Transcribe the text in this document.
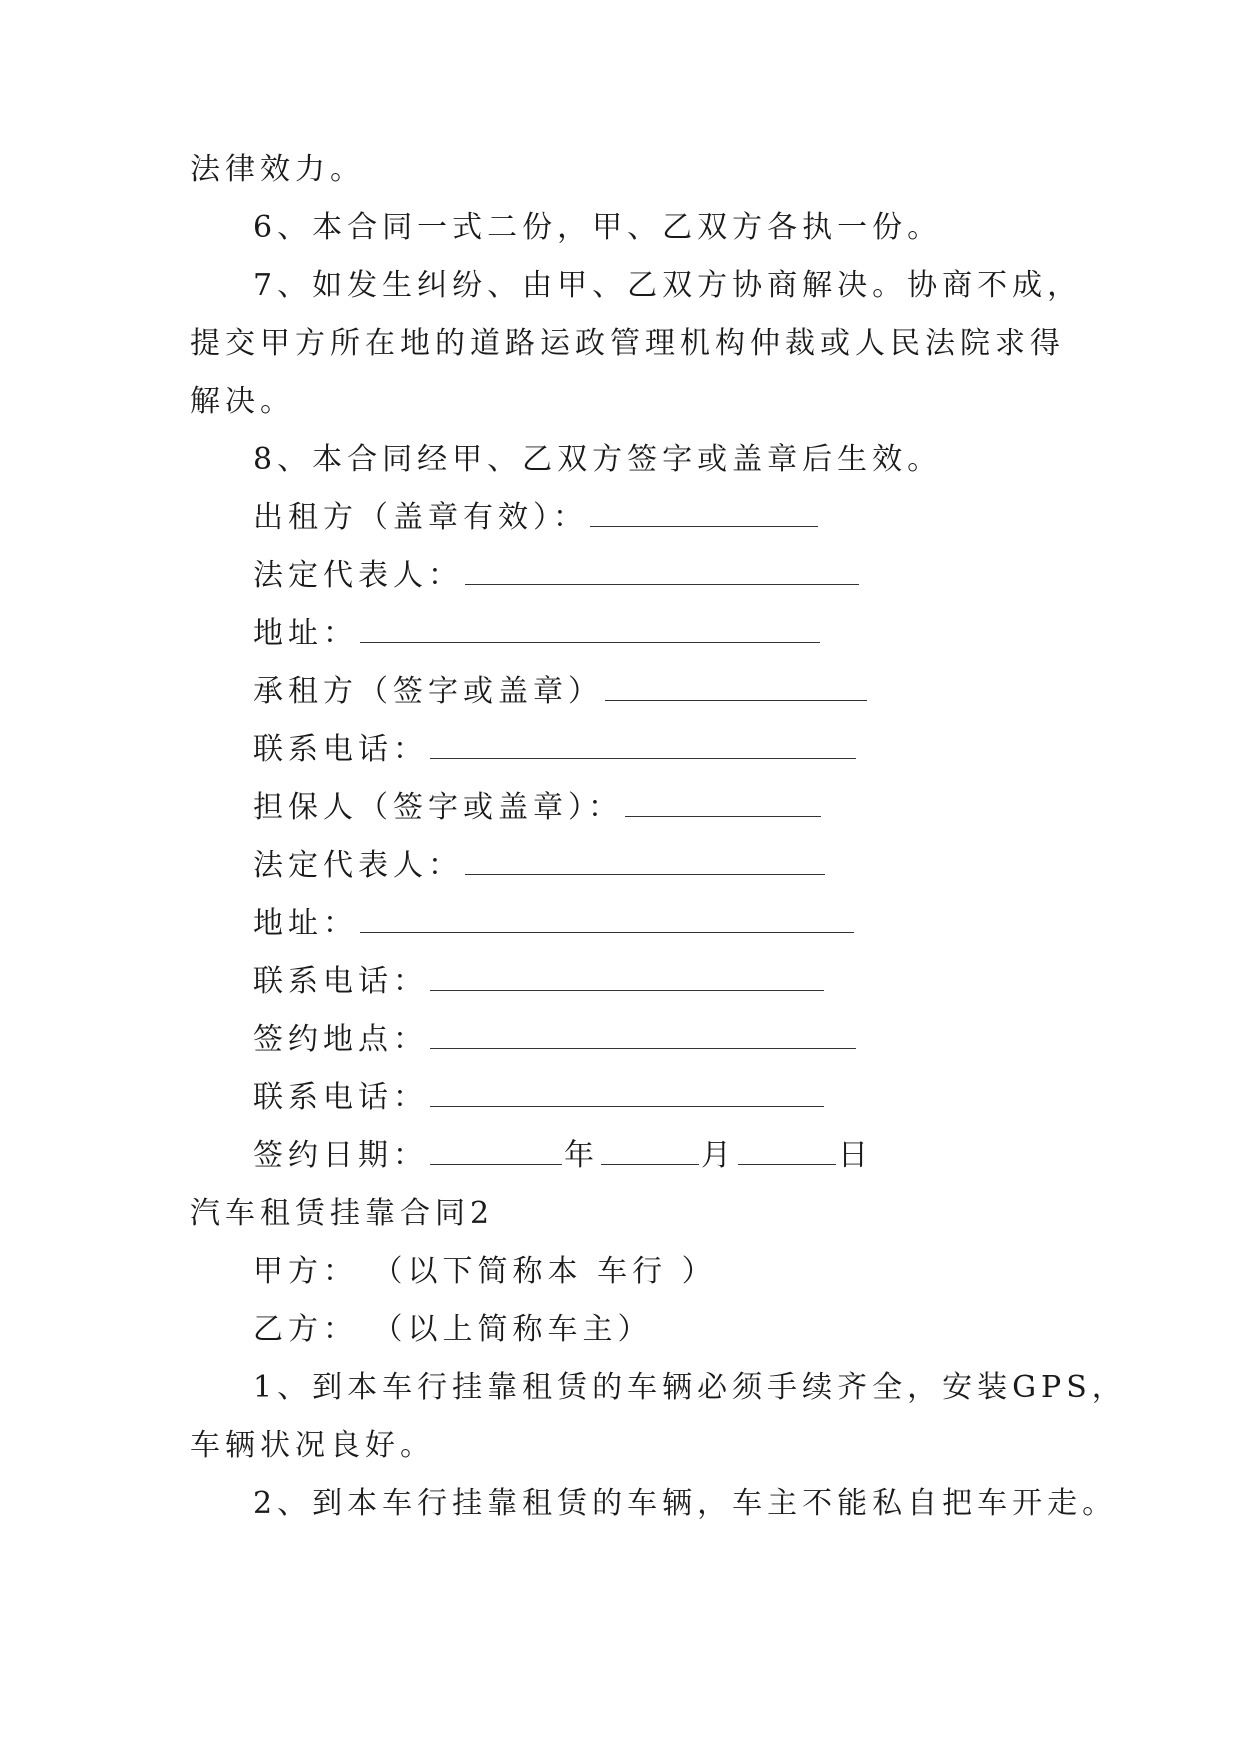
法律效力。
6、本合同一式二份，甲、乙双方各执一份。
7、如发生纠纷、由甲、乙双方协商解决。协商不成，
提交甲方所在地的道路运政管理机构仲裁或人民法院求得
解决。
8、本合同经甲、乙双方签字或盖章后生效。
出租方（盖章有效）：
法定代表人：
地址：
承租方（签字或盖章）
联系电话：
担保人（签字或盖章）：
法定代表人：
地址：
联系电话：
签约地点：
联系电话：
签约日期：	年	月	日
汽车租赁挂靠合同2
甲方： （以下简称本 车行 ）
乙方： （以上简称车主）
1、到本车行挂靠租赁的车辆必须手续齐全，安装GPS，
车辆状况良好。
2、到本车行挂靠租赁的车辆，车主不能私自把车开走。
